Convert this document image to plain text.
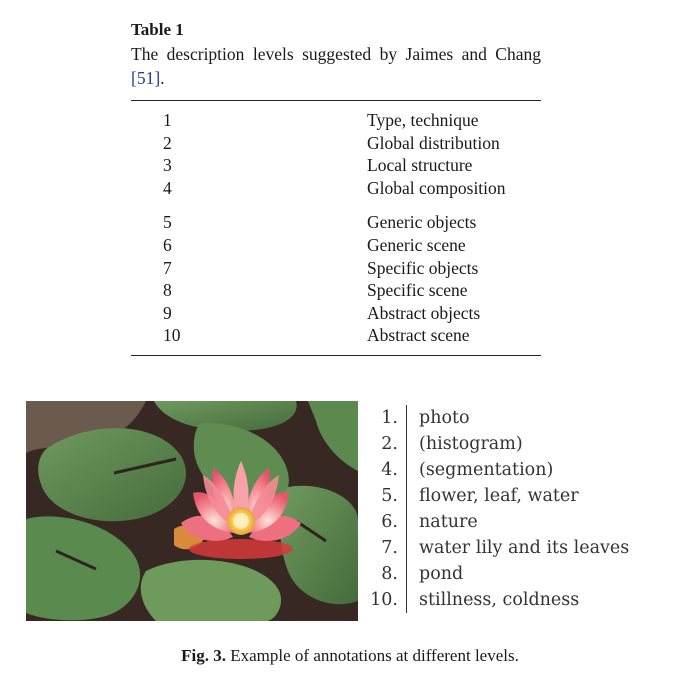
Table 1
The description levels suggested by Jaimes and Chang [51].
1	Type, technique
2	Global distribution
3	Local structure
4	Global composition
5	Generic objects
6	Generic scene
7	Specific objects
8	Specific scene
9	Abstract objects
10	Abstract scene
1.	photo
2.	(histogram)
4.	(segmentation)
5.	flower, leaf, water
6.	nature
7.	water lily and its leaves
8.	pond
10.	stillness, coldness
Fig. 3. Example of annotations at different levels.
